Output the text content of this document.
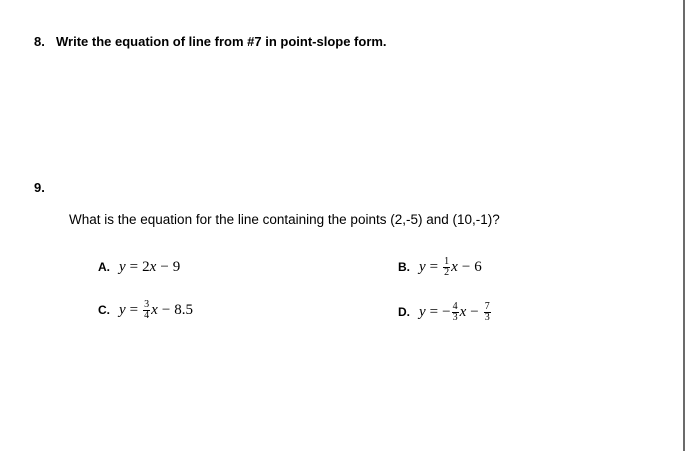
8. Write the equation of line from #7 in point-slope form.
9.
What is the equation for the line containing the points (2,-5) and (10,-1)?
A. y = 2 x − 9	B. $y = \frac{1}{2}$ x − 6
C. $y = \frac{3}{4}$ x − 8.5	D. y = − $\frac{4}{3}$ $x - \frac{7}{3}$
